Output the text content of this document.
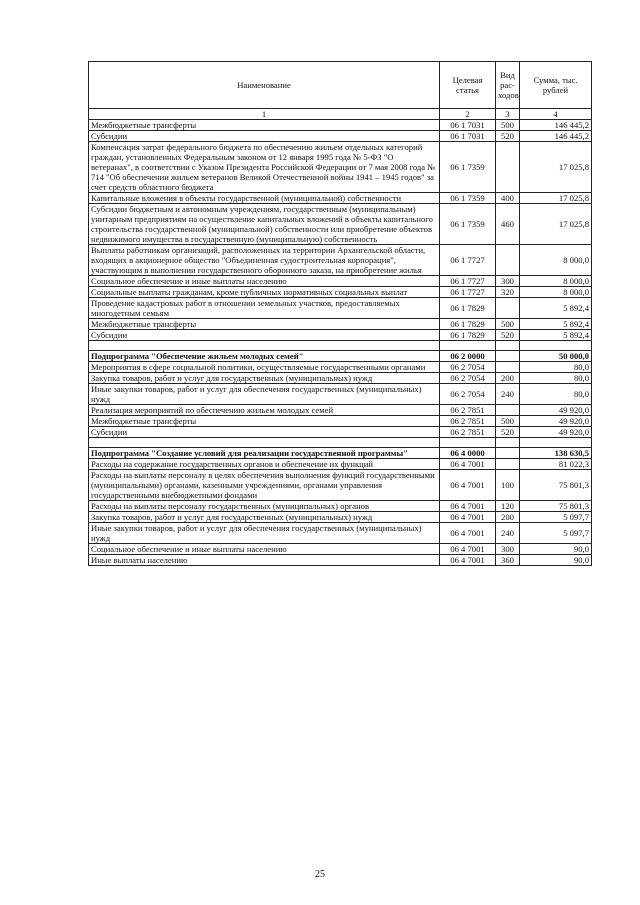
Наименование	Целевая статья	Вид рас-ходов	Сумма, тыс. рублей
1	2	3	4
Межбюджетные трансферты	06 1 7031	500	146 445,2
Субсидии	06 1 7031	520	146 445,2
Компенсация затрат федерального бюджета по обеспечению жильем отдельных категорий граждан, установленных Федеральным законом от 12 января 1995 года № 5-ФЗ "О ветеранах", в соответствии с Указом Президента Российской Федерации от 7 мая 2008 года № 714 "Об обеспечении жильем ветеранов Великой Отечественной войны 1941 – 1945 годов" за счет средств областного бюджета	06 1 7359		17 025,8
Капитальные вложения в объекты государственной (муниципальной) собственности	06 1 7359	400	17 025,8
Субсидии бюджетным и автономным учреждениям, государственным (муниципальным) унитарным предприятиям на осуществление капитальных вложений в объекты капитального строительства государственной (муниципальной) собственности или приобретение объектов недвижимого имущества в государственную (муниципальную) собственность	06 1 7359	460	17 025,8
Выплаты работникам организаций, расположенных на территории Архангельской области, входящих в акционерное общество "Объединенная судостроительная корпорация", участвующим в выполнении государственного оборонного заказа, на приобретение жилья	06 1 7727		8 000,0
Социальное обеспечение и иные выплаты населению	06 1 7727	300	8 000,0
Социальные выплаты гражданам, кроме публичных нормативных социальных выплат	06 1 7727	320	8 000,0
Проведение кадастровых работ в отношении земельных участков, предоставляемых многодетным семьям	06 1 7829		5 892,4
Межбюджетные трансферты	06 1 7829	500	5 892,4
Субсидии	06 1 7829	520	5 892,4

Подпрограмма "Обеспечение жильем молодых семей"	06 2 0000		50 000,0
Мероприятия в сфере социальной политики, осуществляемые государственными органами	06 2 7054		80,0
Закупка товаров, работ и услуг для государственных (муниципальных) нужд	06 2 7054	200	80,0
Иные закупки товаров, работ и услуг для обеспечения государственных (муниципальных) нужд	06 2 7054	240	80,0
Реализация мероприятий по обеспечению жильем молодых семей	06 2 7851		49 920,0
Межбюджетные трансферты	06 2 7851	500	49 920,0
Субсидии	06 2 7851	520	49 920,0

Подпрограмма "Создание условий для реализации государственной программы"	06 4 0000		138 630,5
Расходы на содержание государственных органов и обеспечение их функций	06 4 7001		81 022,3
Расходы на выплаты персоналу в целях обеспечения выполнения функций государственными (муниципальными) органами, казенными учреждениями, органами управления государственными внебюджетными фондами	06 4 7001	100	75 801,3
Расходы на выплаты персоналу государственных (муниципальных) органов	06 4 7001	120	75 801,3
Закупка товаров, работ и услуг для государственных (муниципальных) нужд	06 4 7001	200	5 097,7
Иные закупки товаров, работ и услуг для обеспечения государственных (муниципальных) нужд	06 4 7001	240	5 097,7
Социальное обеспечение и иные выплаты населению	06 4 7001	300	90,0
Иные выплаты населению	06 4 7001	360	90,0
25
